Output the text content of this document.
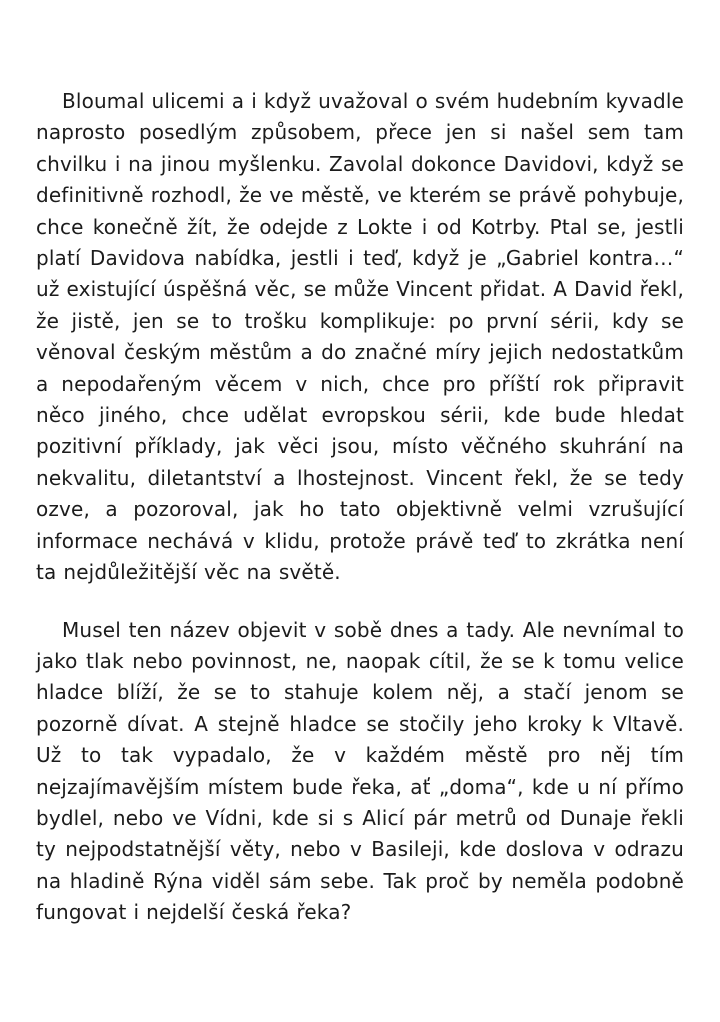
Bloumal ulicemi a i když uvažoval o svém hudebním kyvadle naprosto posedlým způsobem, přece jen si našel sem tam chvilku i na jinou myšlenku. Zavolal dokonce Davidovi, když se definitivně rozhodl, že ve městě, ve kterém se právě pohybuje, chce konečně žít, že odejde z Lokte i od Kotrby. Ptal se, jestli platí Davidova nabídka, jestli i teď, když je „Gabriel kontra…“ už existující úspěšná věc, se může Vincent přidat. A David řekl, že jistě, jen se to trošku komplikuje: po první sérii, kdy se věnoval českým městům a do značné míry jejich nedostatkům a nepodařeným věcem v nich, chce pro příští rok připravit něco jiného, chce udělat evropskou sérii, kde bude hledat pozitivní příklady, jak věci jsou, místo věčného skuhrání na nekvalitu, diletantství a lhostejnost. Vincent řekl, že se tedy ozve, a pozoroval, jak ho tato objektivně velmi vzrušující informace nechává v klidu, protože právě teď to zkrátka není ta nejdůležitější věc na světě.

Musel ten název objevit v sobě dnes a tady. Ale nevnímal to jako tlak nebo povinnost, ne, naopak cítil, že se k tomu velice hladce blíží, že se to stahuje kolem něj, a stačí jenom se pozorně dívat. A stejně hladce se stočily jeho kroky k Vltavě. Už to tak vypadalo, že v každém městě pro něj tím nejzajímavějším místem bude řeka, ať „doma“, kde u ní přímo bydlel, nebo ve Vídni, kde si s Alicí pár metrů od Dunaje řekli ty nejpodstatnější věty, nebo v Basileji, kde doslova v odrazu na hladině Rýna viděl sám sebe. Tak proč by neměla podobně fungovat i nejdelší česká řeka?
